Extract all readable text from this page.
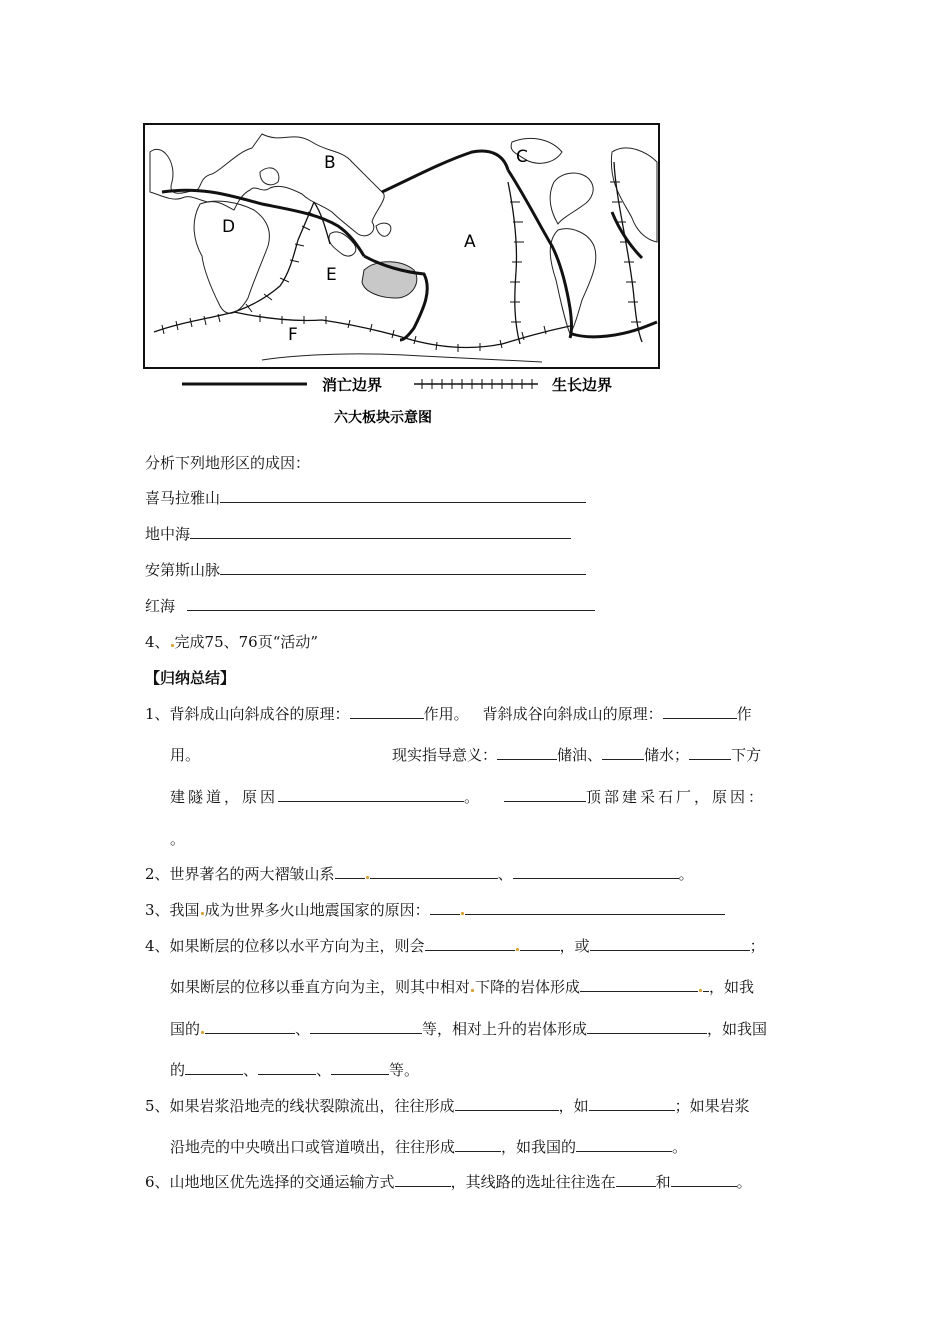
A
B	C
D
E
F
消亡边界	生长边界
六大板块示意图
分析下列地形区的成因：
喜马拉雅山
地中海
安第斯山脉
红海
4、 完成75、76页“活动”
【归纳总结】
1、背斜成山向斜成谷的原理：	作用。 背斜成谷向斜成山的原理：	作
用。	现实指导意义：	储油、	储水；	下方
建隧道，原因	。	顶部建采石厂，原因：
。
2、世界著名的两大褶皱山系	、	。
3、我国 成为世界多火山地震国家的原因：
4、如果断层的位移以水平方向为主，则会	，或	；
如果断层的位移以垂直方向为主，则其中相对 下降的岩体形成	，如我
国的	、	等，相对上升的岩体形成	，如我国
的	、	、	等。
5、如果岩浆沿地壳的线状裂隙流出，往往形成	，如	；如果岩浆
沿地壳的中央喷出口或管道喷出，往往形成	，如我国的	。
6、山地地区优先选择的交通运输方式	，其线路的选址往往选在	和	。
